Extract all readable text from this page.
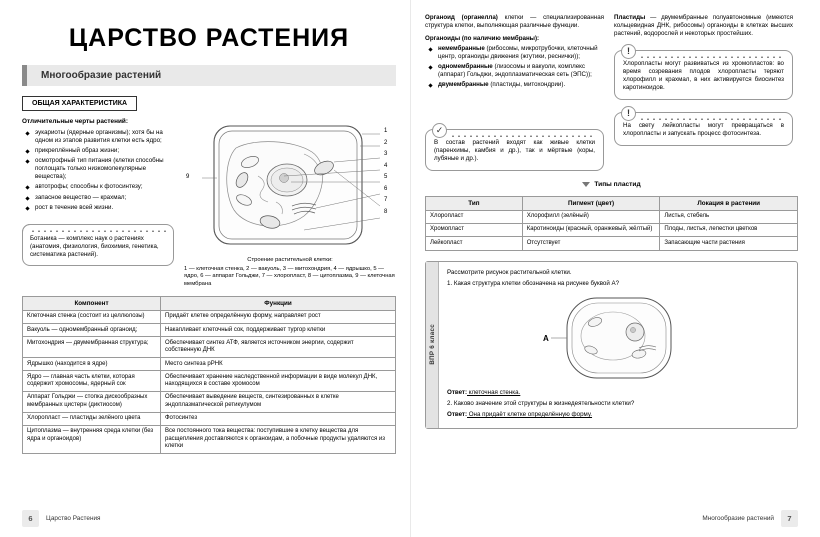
ЦАРСТВО РАСТЕНИЯ
Многообразие растений
ОБЩАЯ ХАРАКТЕРИСТИКА

Отличительные черты растений:

эукариоты (ядерные организмы); хотя бы на одном из этапов развития клетки есть ядро;
прикреплённый образ жизни;
осмотрофный тип питания (клетки способны поглощать только низкомолекулярные вещества);
автотрофы; способны к фотосинтезу;
запасное вещество — крахмал;
рост в течение всей жизни.
Ботаника — комплекс наук о растениях (анатомия, физиология, биохимия, генетика, систематика растений).
1
2
3
4
5
6
7
8
9
Строение растительной клетки:
1 — клеточная стенка, 2 — вакуоль, 3 — митохондрия, 4 — ядрышко, 5 — ядро, 6 — аппарат Гольджи, 7 — хлоропласт, 8 — цитоплазма, 9 — клеточная мембрана
Компонент	Функции
Клеточная стенка (состоит из целлюлозы)	Придаёт клетке определённую форму, направляет рост
Вакуоль — одномембранный органоид;	Накапливает клеточный сок, поддерживает тургор клетки
Митохондрия — двумембранная структура;	Обеспечивает синтез АТФ, является источником энергии, содержит собственную ДНК
Ядрышко (находится в ядре)	Место синтеза рРНК
Ядро — главная часть клетки, которая содержит хромосомы, ядерный сок	Обеспечивает хранение наследственной информации в виде молекул ДНК, находящихся в составе хромосом
Аппарат Гольджи — стопка дискообразных мембранных цистерн (диктиосом)	Обеспечивает выведение веществ, синтезированных в клетке эндоплазматической ретикулумом
Хлоропласт — пластиды зелёного цвета	Фотосинтез
Цитоплазма — внутренняя среда клетки (без ядра и органоидов)	Все постоянного тока вещества: поступившие в клетку вещества для расщепления доставляются к органоидам, а побочные продукты удаляются из клетки
6	Царство Растения

Органоид (органелла) клетки — специализированная структура клетки, выполняющая различные функции.

Органоиды (по наличию мембраны):

немембранные (рибосомы, микротрубочки, клеточный центр, органоиды движения (жгутики, реснички));
одномембранные (лизосомы и вакуоли, комплекс (аппарат) Гольджи, эндоплазматическая сеть (ЭПС));
двумембранные (пластиды, митохондрии).
✓
В состав растений входят как живые клетки (паренхимы, камбия и др.), так и мёртвые (коры, лубяные и др.).

Пластиды — двумембранные полуавтономные (имеются кольцевидная ДНК, рибосомы) органоиды в клетках высших растений, водорослей и некоторых простейших.

!
Хлоропласты могут развиваться из хромопластов: во время созревания плодов хлоропласты теряют хлорофилл и крахмал, в них активируется биосинтез каротиноидов.
!
На свету лейкопласты могут превращаться в хлоропласты и запускать процесс фотосинтеза.
Типы пластид
Тип	Пигмент (цвет)	Локация в растении
Хлоропласт	Хлорофилл (зелёный)	Листья, стебель
Хромопласт	Каротиноиды (красный, оранжевый, жёлтый)	Плоды, листья, лепестки цветков
Лейкопласт	Отсутствует	Запасающие части растения
ВПР 6 класс

Рассмотрите рисунок растительной клетки.

1. Какая структура клетки обозначена на рисунке буквой А?

А

Ответ: клеточная стенка.

2. Каково значение этой структуры в жизнедеятельности клетки?

Ответ: Она придаёт клетке определённую форму.

Многообразие растений	7
